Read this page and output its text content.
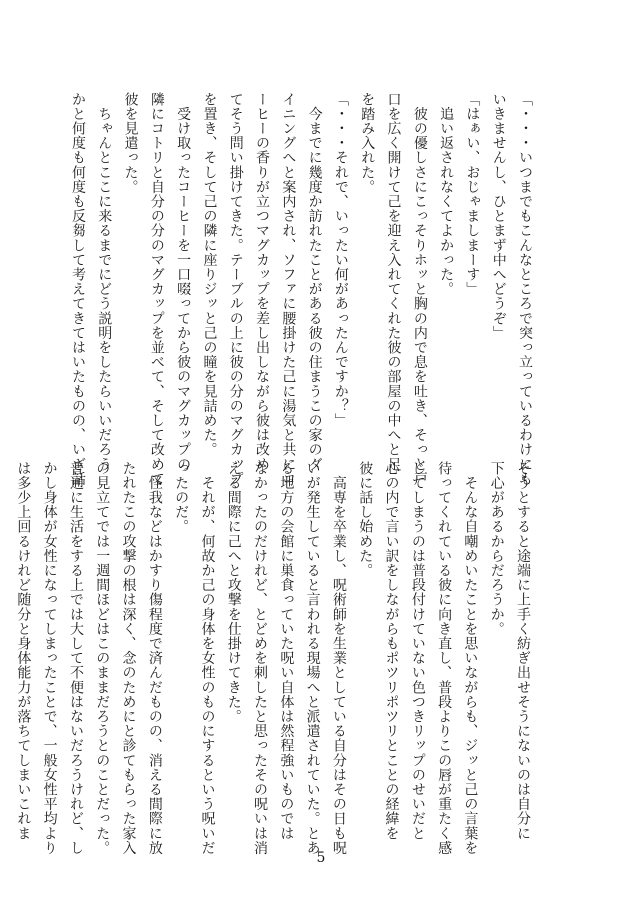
「・・・いつまでもこんなところで突っ立っているわけにも
いきませんし、ひとまず中へどうぞ」
「はぁい、おじゃましまーす」
　追い返されなくてよかった。
　彼の優しさにこっそりホッと胸の内で息を吐き、そっと戸
口を広く開けて己を迎え入れてくれた彼の部屋の中へと足
を踏み入れた。
「・・・それで、いったい何があったんですか？」
　今までに幾度か訪れたことがある彼の住まうこの家のダ
イニングへと案内され、ソファに腰掛けた己に湯気と共にコ
ーヒーの香りが立つマグカップを差し出しながら彼は改め
てそう問い掛けてきた。テーブルの上に彼の分のマグカップ
を置き、そして己の隣に座りジッと己の瞳を見詰めた。
　受け取ったコーヒーを一口啜ってから彼のマグカップの
隣にコトリと自分の分のマグカップを並べて、そして改めて
彼を見遣った。
　ちゃんとここに来るまでにどう説明をしたらいいだろう
かと何度も何度も反芻して考えてきてはいたものの、いざ話
そうとすると途端に上手く紡ぎ出せそうにないのは自分に
下心があるからだろうか。
　そんな自嘲めいたことを思いながらも、ジッと己の言葉を
待ってくれている彼に向き直し、普段よりこの唇が重たく感
じてしまうのは普段付けていない色つきリップのせいだと
心の内で言い訳をしながらもポツリポツリとことの経緯を
彼に話し始めた。
　高専を卒業し、呪術師を生業としている自分はその日も呪
いが発生していると言われる現場へと派遣されていた。とあ
る地方の会館に巣食っていた呪い自体は然程強いものでは
なかったのだけれど、とどめを刺したと思ったその呪いは消
える間際に己へと攻撃を仕掛けてきた。
　それが、何故か己の身体を女性のものにするという呪いだ
ったのだ。
　怪我などはかすり傷程度で済んだものの、消える間際に放
たれたこの攻撃の根は深く、念のためにと診てもらった家入
の見立てでは一週間ほどはこのままだろうとのことだった。
普通に生活をする上では大して不便はないだろうけれど、し
かし身体が女性になってしまったことで、一般女性平均より
は多少上回るけれど随分と身体能力が落ちてしまいこれま
5
